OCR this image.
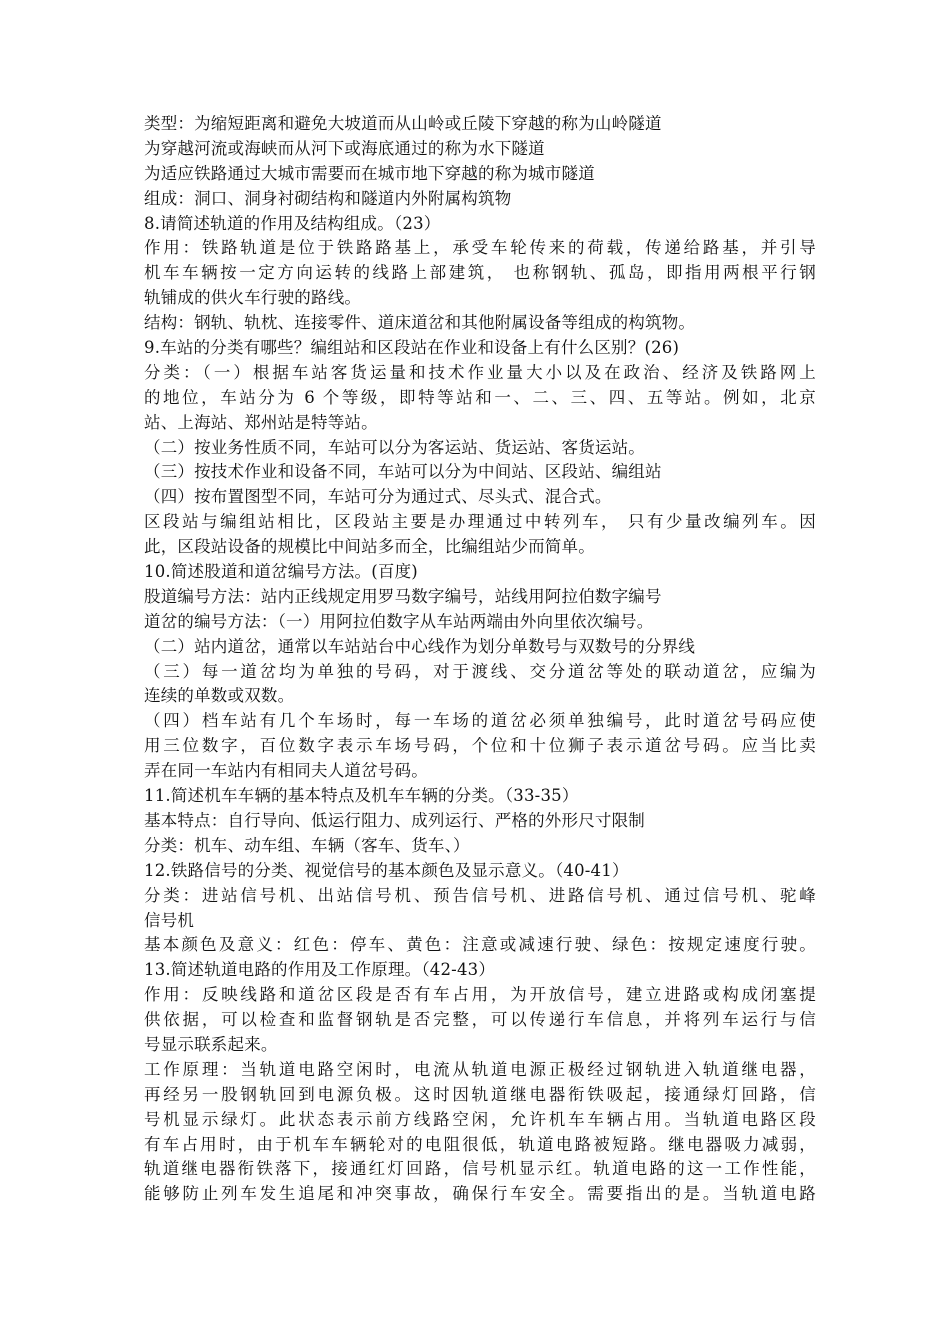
类型：为缩短距离和避免大坡道而从山岭或丘陵下穿越的称为山岭隧道
为穿越河流或海峡而从河下或海底通过的称为水下隧道
为适应铁路通过大城市需要而在城市地下穿越的称为城市隧道
组成：洞口、洞身衬砌结构和隧道内外附属构筑物
8.请简述轨道的作用及结构组成。（23）
作用：铁路轨道是位于铁路路基上，承受车轮传来的荷载，传递给路基，并引导
机车车辆按一定方向运转的线路上部建筑， 也称钢轨、孤岛，即指用两根平行钢
轨铺成的供火车行驶的路线。
结构：钢轨、轨枕、连接零件、道床道岔和其他附属设备等组成的构筑物。
9.车站的分类有哪些？编组站和区段站在作业和设备上有什么区别？(26)
分类：（一）根据车站客货运量和技术作业量大小以及在政治、经济及铁路网上
的地位，车站分为 6 个等级，即特等站和一、二、三、四、五等站。例如，北京
站、上海站、郑州站是特等站。
（二）按业务性质不同，车站可以分为客运站、货运站、客货运站。
（三）按技术作业和设备不同，车站可以分为中间站、区段站、编组站
（四）按布置图型不同，车站可分为通过式、尽头式、混合式。
区段站与编组站相比，区段站主要是办理通过中转列车， 只有少量改编列车。因
此，区段站设备的规模比中间站多而全，比编组站少而简单。
10.简述股道和道岔编号方法。(百度)
股道编号方法：站内正线规定用罗马数字编号，站线用阿拉伯数字编号
道岔的编号方法：（一）用阿拉伯数字从车站两端由外向里依次编号。
（二）站内道岔，通常以车站站台中心线作为划分单数号与双数号的分界线
（三）每一道岔均为单独的号码，对于渡线、交分道岔等处的联动道岔，应编为
连续的单数或双数。
（四）档车站有几个车场时，每一车场的道岔必须单独编号，此时道岔号码应使
用三位数字，百位数字表示车场号码，个位和十位狮子表示道岔号码。应当比卖
弄在同一车站内有相同夫人道岔号码。
11.简述机车车辆的基本特点及机车车辆的分类。（33-35）
基本特点：自行导向、低运行阻力、成列运行、严格的外形尺寸限制
分类：机车、动车组、车辆（客车、货车、）
12.铁路信号的分类、视觉信号的基本颜色及显示意义。（40-41）
分类：进站信号机、出站信号机、预告信号机、进路信号机、通过信号机、驼峰
信号机
基本颜色及意义：红色：停车、黄色：注意或减速行驶、绿色：按规定速度行驶。
13.简述轨道电路的作用及工作原理。（42-43）
作用：反映线路和道岔区段是否有车占用，为开放信号，建立进路或构成闭塞提
供依据，可以检查和监督钢轨是否完整，可以传递行车信息，并将列车运行与信
号显示联系起来。
工作原理：当轨道电路空闲时，电流从轨道电源正极经过钢轨进入轨道继电器，
再经另一股钢轨回到电源负极。这时因轨道继电器衔铁吸起，接通绿灯回路，信
号机显示绿灯。此状态表示前方线路空闲，允许机车车辆占用。当轨道电路区段
有车占用时，由于机车车辆轮对的电阻很低，轨道电路被短路。继电器吸力减弱，
轨道继电器衔铁落下，接通红灯回路，信号机显示红。轨道电路的这一工作性能，
能够防止列车发生追尾和冲突事故，确保行车安全。需要指出的是。当轨道电路
